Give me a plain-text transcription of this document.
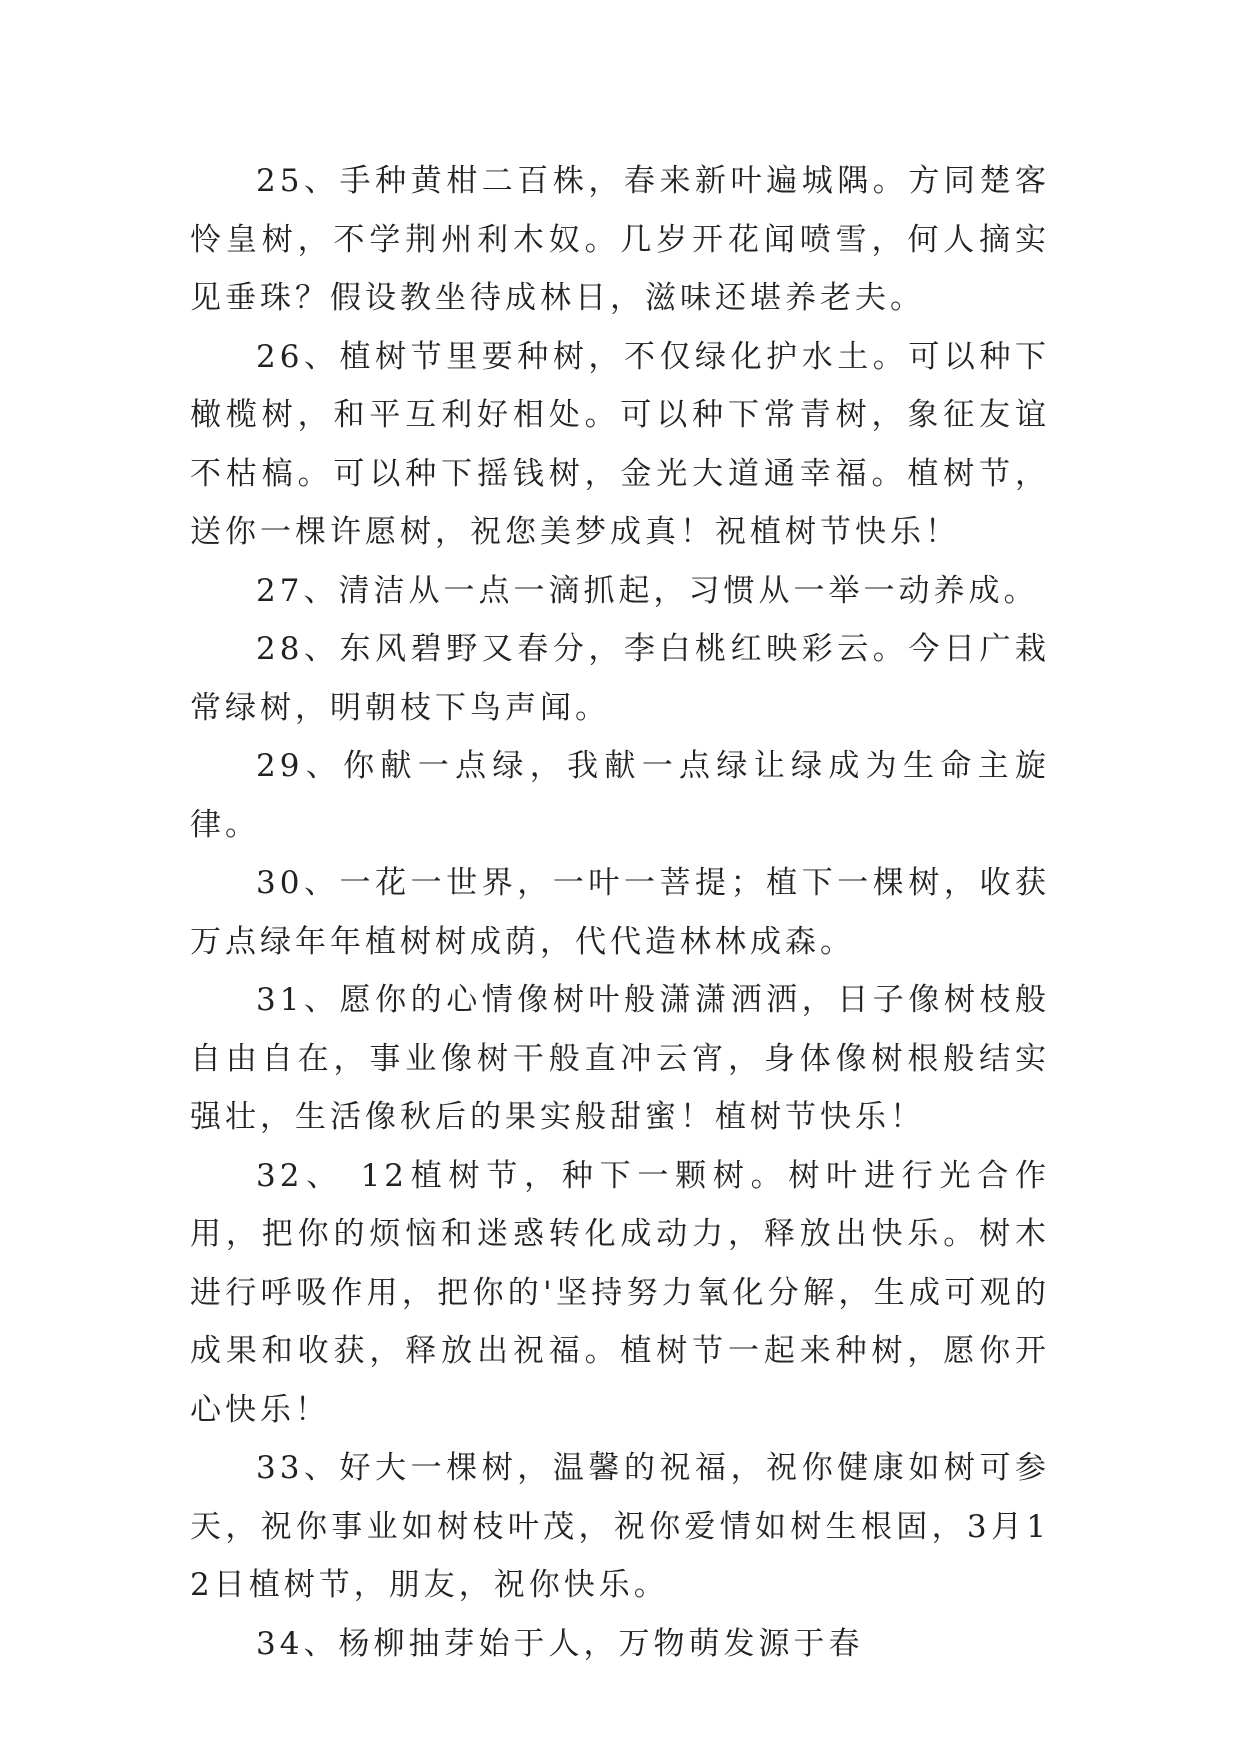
25、手种黄柑二百株，春来新叶遍城隅。方同楚客怜皇树，不学荆州利木奴。几岁开花闻喷雪，何人摘实见垂珠？假设教坐待成林日，滋味还堪养老夫。

26、植树节里要种树，不仅绿化护水土。可以种下橄榄树，和平互利好相处。可以种下常青树，象征友谊不枯槁。可以种下摇钱树，金光大道通幸福。植树节，送你一棵许愿树，祝您美梦成真！祝植树节快乐！

27、清洁从一点一滴抓起，习惯从一举一动养成。

28、东风碧野又春分，李白桃红映彩云。今日广栽常绿树，明朝枝下鸟声闻。

29、你献一点绿，我献一点绿让绿成为生命主旋律。

30、一花一世界，一叶一菩提；植下一棵树，收获万点绿年年植树树成荫，代代造林林成森。

31、愿你的心情像树叶般潇潇洒洒，日子像树枝般自由自在，事业像树干般直冲云宵，身体像树根般结实强壮，生活像秋后的果实般甜蜜！植树节快乐！

32、 12植树节，种下一颗树。树叶进行光合作用，把你的烦恼和迷惑转化成动力，释放出快乐。树木进行呼吸作用，把你的'坚持努力氧化分解，生成可观的成果和收获，释放出祝福。植树节一起来种树，愿你开心快乐！

33、好大一棵树，温馨的祝福，祝你健康如树可参天，祝你事业如树枝叶茂，祝你爱情如树生根固，3月12日植树节，朋友，祝你快乐。

34、杨柳抽芽始于人，万物萌发源于春
